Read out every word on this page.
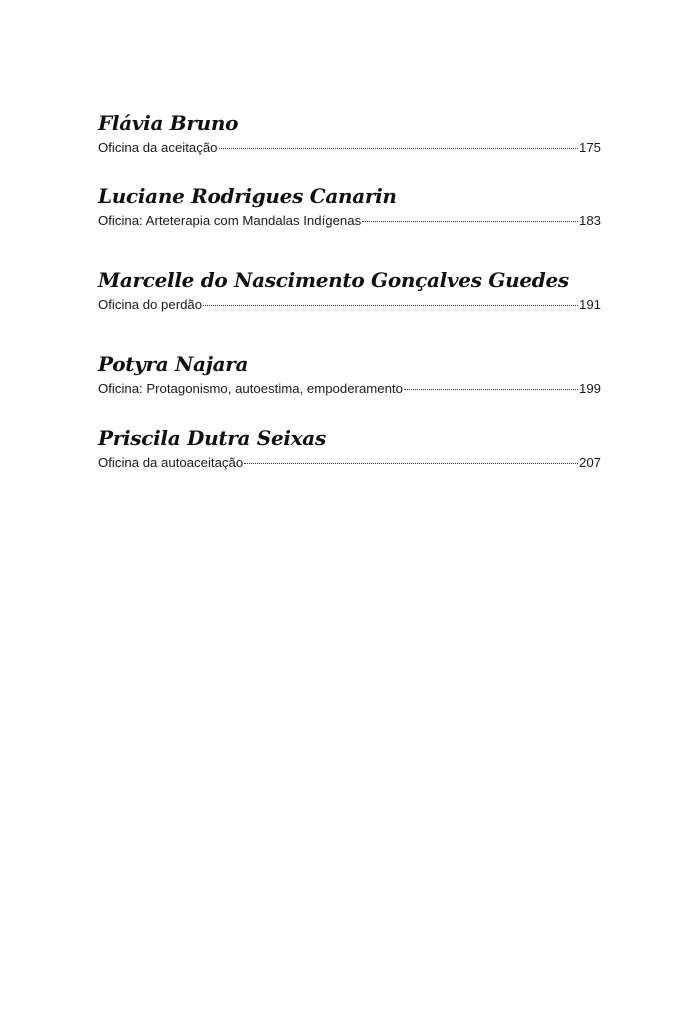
Flávia Bruno
Oficina da aceitação	175
Luciane Rodrigues Canarin
Oficina: Arteterapia com Mandalas Indígenas	183
Marcelle do Nascimento Gonçalves Guedes
Oficina do perdão	191
Potyra Najara
Oficina: Protagonismo, autoestima, empoderamento	199
Priscila Dutra Seixas
Oficina da autoaceitação	207
